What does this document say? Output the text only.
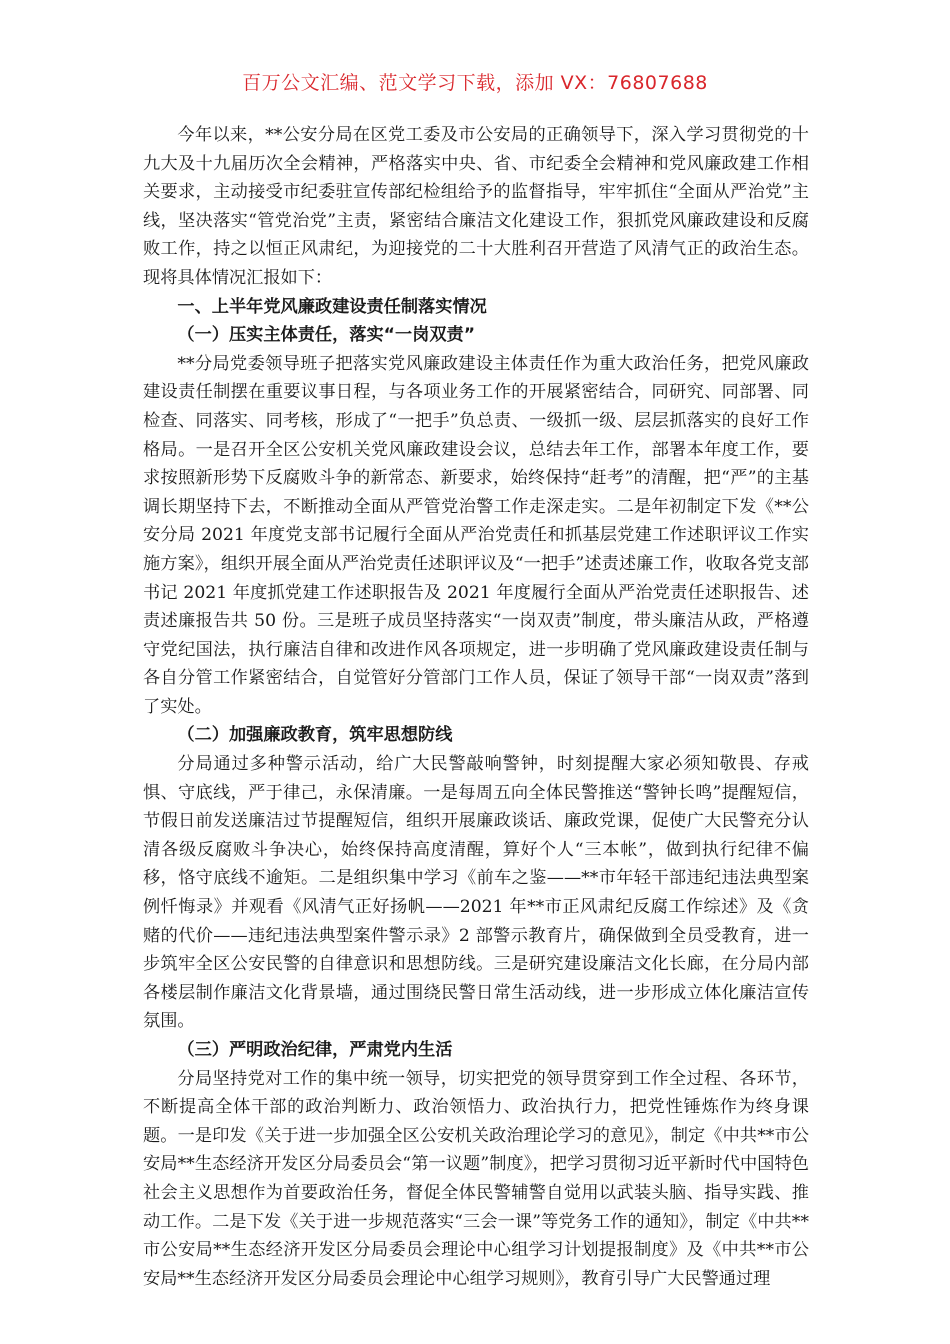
百万公文汇编、范文学习下载，添加 VX：76807688

今年以来，**公安分局在区党工委及市公安局的正确领导下，深入学习贯彻党的十九大及十九届历次全会精神，严格落实中央、省、市纪委全会精神和党风廉政建工作相关要求，主动接受市纪委驻宣传部纪检组给予的监督指导，牢牢抓住“全面从严治党”主线，坚决落实“管党治党”主责，紧密结合廉洁文化建设工作，狠抓党风廉政建设和反腐败工作，持之以恒正风肃纪，为迎接党的二十大胜利召开营造了风清气正的政治生态。现将具体情况汇报如下：

一、上半年党风廉政建设责任制落实情况
（一）压实主体责任，落实“一岗双责”

**分局党委领导班子把落实党风廉政建设主体责任作为重大政治任务，把党风廉政建设责任制摆在重要议事日程，与各项业务工作的开展紧密结合，同研究、同部署、同检查、同落实、同考核，形成了“一把手”负总责、一级抓一级、层层抓落实的良好工作格局。一是召开全区公安机关党风廉政建设会议，总结去年工作，部署本年度工作，要求按照新形势下反腐败斗争的新常态、新要求，始终保持“赶考”的清醒，把“严”的主基调长期坚持下去，不断推动全面从严管党治警工作走深走实。二是年初制定下发《**公安分局 2021 年度党支部书记履行全面从严治党责任和抓基层党建工作述职评议工作实施方案》，组织开展全面从严治党责任述职评议及“一把手”述责述廉工作，收取各党支部书记 2021 年度抓党建工作述职报告及 2021 年度履行全面从严治党责任述职报告、述责述廉报告共 50 份。三是班子成员坚持落实“一岗双责”制度，带头廉洁从政，严格遵守党纪国法，执行廉洁自律和改进作风各项规定，进一步明确了党风廉政建设责任制与各自分管工作紧密结合，自觉管好分管部门工作人员，保证了领导干部“一岗双责”落到了实处。

（二）加强廉政教育，筑牢思想防线

分局通过多种警示活动，给广大民警敲响警钟，时刻提醒大家必须知敬畏、存戒惧、守底线，严于律己，永保清廉。一是每周五向全体民警推送“警钟长鸣”提醒短信，节假日前发送廉洁过节提醒短信，组织开展廉政谈话、廉政党课，促使广大民警充分认清各级反腐败斗争决心，始终保持高度清醒，算好个人“三本帐”，做到执行纪律不偏移，恪守底线不逾矩。二是组织集中学习《前车之鉴——**市年轻干部违纪违法典型案例忏悔录》并观看《风清气正好扬帆——2021 年**市正风肃纪反腐工作综述》及《贪赌的代价——违纪违法典型案件警示录》2 部警示教育片，确保做到全员受教育，进一步筑牢全区公安民警的自律意识和思想防线。三是研究建设廉洁文化长廊，在分局内部各楼层制作廉洁文化背景墙，通过围绕民警日常生活动线，进一步形成立体化廉洁宣传氛围。

（三）严明政治纪律，严肃党内生活

分局坚持党对工作的集中统一领导，切实把党的领导贯穿到工作全过程、各环节，不断提高全体干部的政治判断力、政治领悟力、政治执行力，把党性锤炼作为终身课题。一是印发《关于进一步加强全区公安机关政治理论学习的意见》，制定《中共**市公安局**生态经济开发区分局委员会“第一议题”制度》，把学习贯彻习近平新时代中国特色社会主义思想作为首要政治任务，督促全体民警辅警自觉用以武装头脑、指导实践、推动工作。二是下发《关于进一步规范落实“三会一课”等党务工作的通知》，制定《中共**市公安局**生态经济开发区分局委员会理论中心组学习计划提报制度》及《中共**市公安局**生态经济开发区分局委员会理论中心组学习规则》，教育引导广大民警通过理
